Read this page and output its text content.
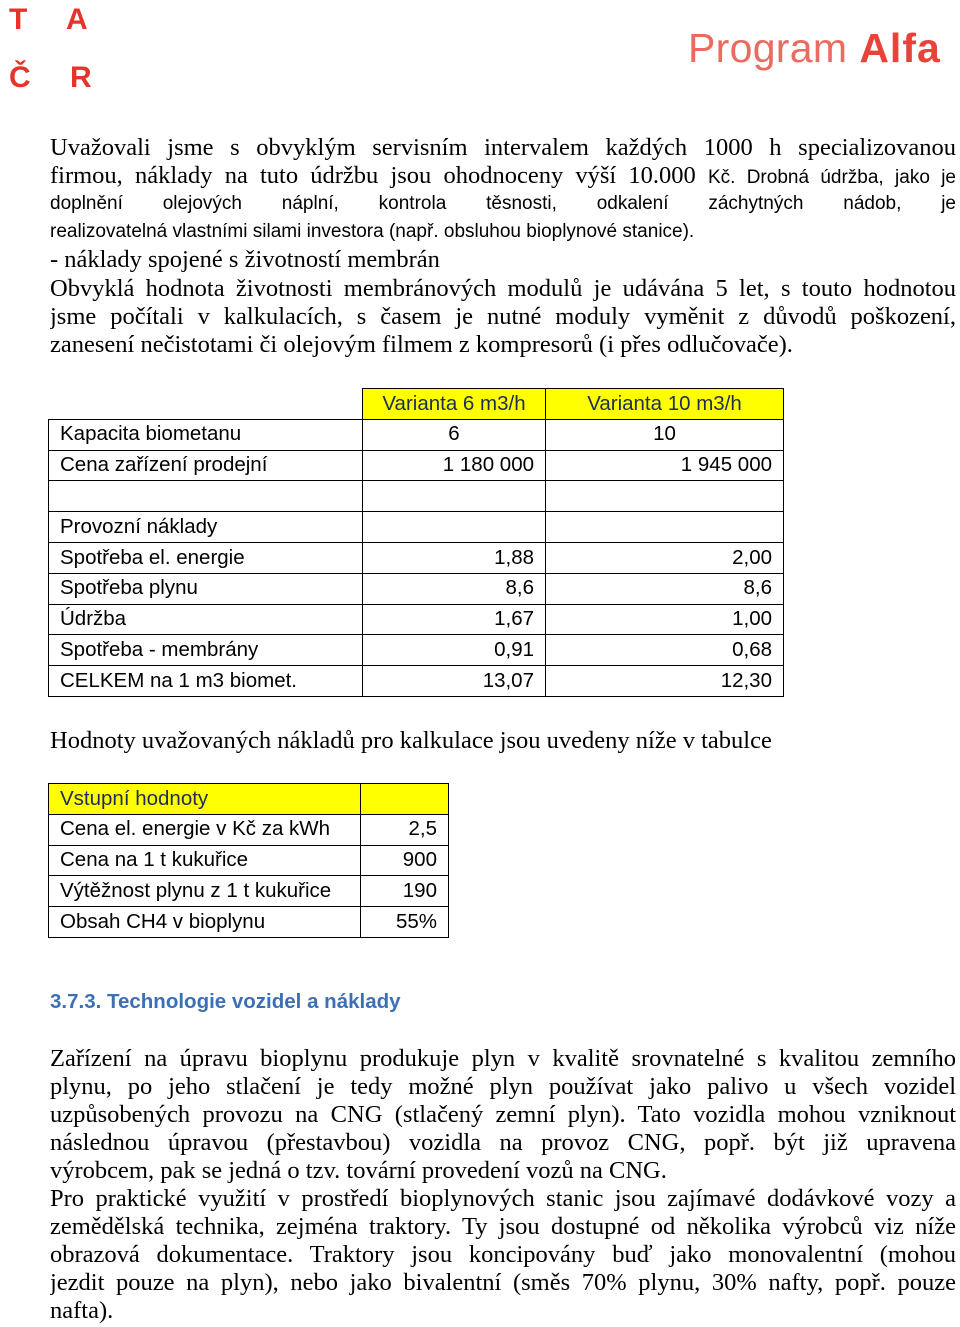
T A
Č R
Program Alfa
Uvažovali jsme s obvyklým servisním intervalem každých 1000 h specializovanou
firmou, náklady na tuto údržbu jsou ohodnoceny výší 10.000 Kč. Drobná údržba, jako je
doplnění olejových náplní, kontrola těsnosti, odkalení záchytných nádob, je
realizovatelná vlastními silami investora (např. obsluhou bioplynové stanice).
- náklady spojené s životností membrán
Obvyklá hodnota životnosti membránových modulů je udávána 5 let, s touto hodnotou
jsme počítali v kalkulacích, s časem je nutné moduly vyměnit z důvodů poškození,
zanesení nečistotami či olejovým filmem z kompresorů (i přes odlučovače).
	Varianta 6 m3/h	Varianta 10 m3/h
Kapacita biometanu	6	10
Cena zařízení prodejní	1 180 000	1 945 000

Provozní náklady		
Spotřeba el. energie	1,88	2,00
Spotřeba plynu	8,6	8,6
Údržba	1,67	1,00
Spotřeba - membrány	0,91	0,68
CELKEM na 1 m3 biomet.	13,07	12,30
Hodnoty uvažovaných nákladů pro kalkulace jsou uvedeny níže v tabulce
Vstupní hodnoty	
Cena el. energie v Kč za kWh	2,5
Cena na 1 t kukuřice	900
Výtěžnost plynu z 1 t kukuřice	190
Obsah CH4 v bioplynu	55%
3.7.3. Technologie vozidel a náklady
Zařízení na úpravu bioplynu produkuje plyn v kvalitě srovnatelné s kvalitou zemního
plynu, po jeho stlačení je tedy možné plyn používat jako palivo u všech vozidel
uzpůsobených provozu na CNG (stlačený zemní plyn). Tato vozidla mohou vzniknout
následnou úpravou (přestavbou) vozidla na provoz CNG, popř. být již upravena
výrobcem, pak se jedná o tzv. tovární provedení vozů na CNG.
Pro praktické využití v prostředí bioplynových stanic jsou zajímavé dodávkové vozy a
zemědělská technika, zejména traktory. Ty jsou dostupné od několika výrobců viz níže
obrazová dokumentace. Traktory jsou koncipovány buď jako monovalentní (mohou
jezdit pouze na plyn), nebo jako bivalentní (směs 70% plynu, 30% nafty, popř. pouze
nafta).
